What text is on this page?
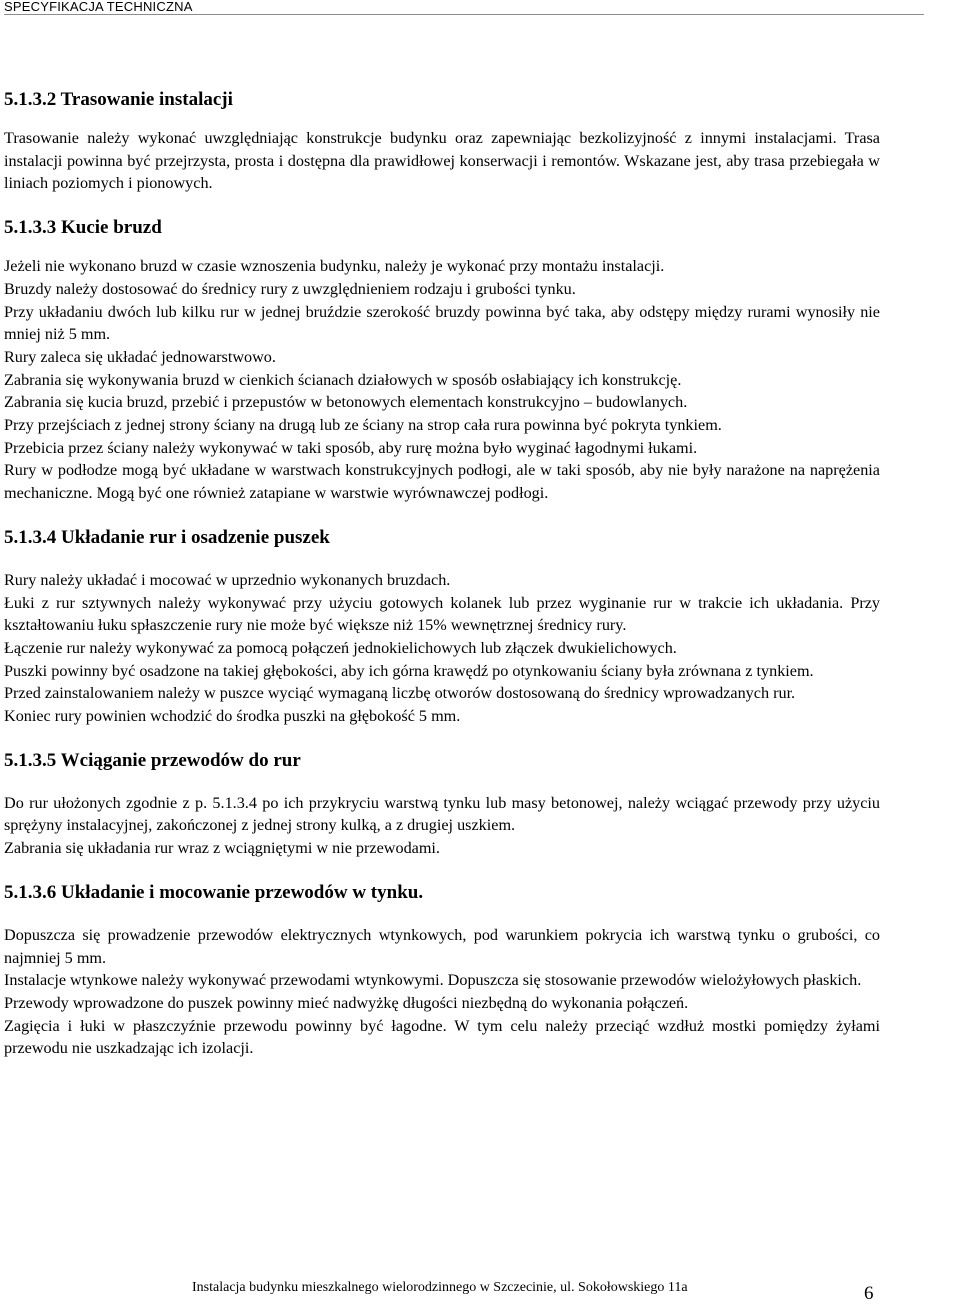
SPECYFIKACJA TECHNICZNA
5.1.3.2 Trasowanie instalacji

Trasowanie należy wykonać uwzględniając konstrukcje budynku oraz zapewniając bezkolizyjność z innymi instalacjami. Trasa instalacji powinna być przejrzysta, prosta i dostępna dla prawidłowej konserwacji i remontów. Wskazane jest, aby trasa przebiegała w liniach poziomych i pionowych.

5.1.3.3 Kucie bruzd

Jeżeli nie wykonano bruzd w czasie wznoszenia budynku, należy je wykonać przy montażu instalacji.

Bruzdy należy dostosować do średnicy rury z uwzględnieniem rodzaju i grubości tynku.

Przy układaniu dwóch lub kilku rur w jednej bruździe szerokość bruzdy powinna być taka, aby odstępy między rurami wynosiły nie mniej niż 5 mm.

Rury zaleca się układać jednowarstwowo.

Zabrania się wykonywania bruzd w cienkich ścianach działowych w sposób osłabiający ich konstrukcję.

Zabrania się kucia bruzd, przebić i przepustów w betonowych elementach konstrukcyjno – budowlanych.

Przy przejściach z jednej strony ściany na drugą lub ze ściany na strop cała rura powinna być pokryta tynkiem.

Przebicia przez ściany należy wykonywać w taki sposób, aby rurę można było wyginać łagodnymi łukami.

Rury w podłodze mogą być układane w warstwach konstrukcyjnych podłogi, ale w taki sposób, aby nie były narażone na naprężenia mechaniczne. Mogą być one również zatapiane w warstwie wyrównawczej podłogi.

5.1.3.4 Układanie rur i osadzenie puszek

Rury należy układać i mocować w uprzednio wykonanych bruzdach.

Łuki z rur sztywnych należy wykonywać przy użyciu gotowych kolanek lub przez wyginanie rur w trakcie ich układania. Przy kształtowaniu łuku spłaszczenie rury nie może być większe niż 15% wewnętrznej średnicy rury.

Łączenie rur należy wykonywać za pomocą połączeń jednokielichowych lub złączek dwukielichowych.

Puszki powinny być osadzone na takiej głębokości, aby ich górna krawędź po otynkowaniu ściany była zrównana z tynkiem.

Przed zainstalowaniem należy w puszce wyciąć wymaganą liczbę otworów dostosowaną do średnicy wprowadzanych rur.

Koniec rury powinien wchodzić do środka puszki na głębokość 5 mm.

5.1.3.5 Wciąganie przewodów do rur

Do rur ułożonych zgodnie z p. 5.1.3.4 po ich przykryciu warstwą tynku lub masy betonowej, należy wciągać przewody przy użyciu sprężyny instalacyjnej, zakończonej z jednej strony kulką, a z drugiej uszkiem.

Zabrania się układania rur wraz z wciągniętymi w nie przewodami.

5.1.3.6 Układanie i mocowanie przewodów w tynku.

Dopuszcza się prowadzenie przewodów elektrycznych wtynkowych, pod warunkiem pokrycia ich warstwą tynku o grubości, co najmniej 5 mm.

Instalacje wtynkowe należy wykonywać przewodami wtynkowymi. Dopuszcza się stosowanie przewodów wielożyłowych płaskich.

Przewody wprowadzone do puszek powinny mieć nadwyżkę długości niezbędną do wykonania połączeń.

Zagięcia i łuki w płaszczyźnie przewodu powinny być łagodne. W tym celu należy przeciąć wzdłuż mostki pomiędzy żyłami przewodu nie uszkadzając ich izolacji.

Instalacja budynku mieszkalnego wielorodzinnego w Szczecinie, ul. Sokołowskiego 11a	6
